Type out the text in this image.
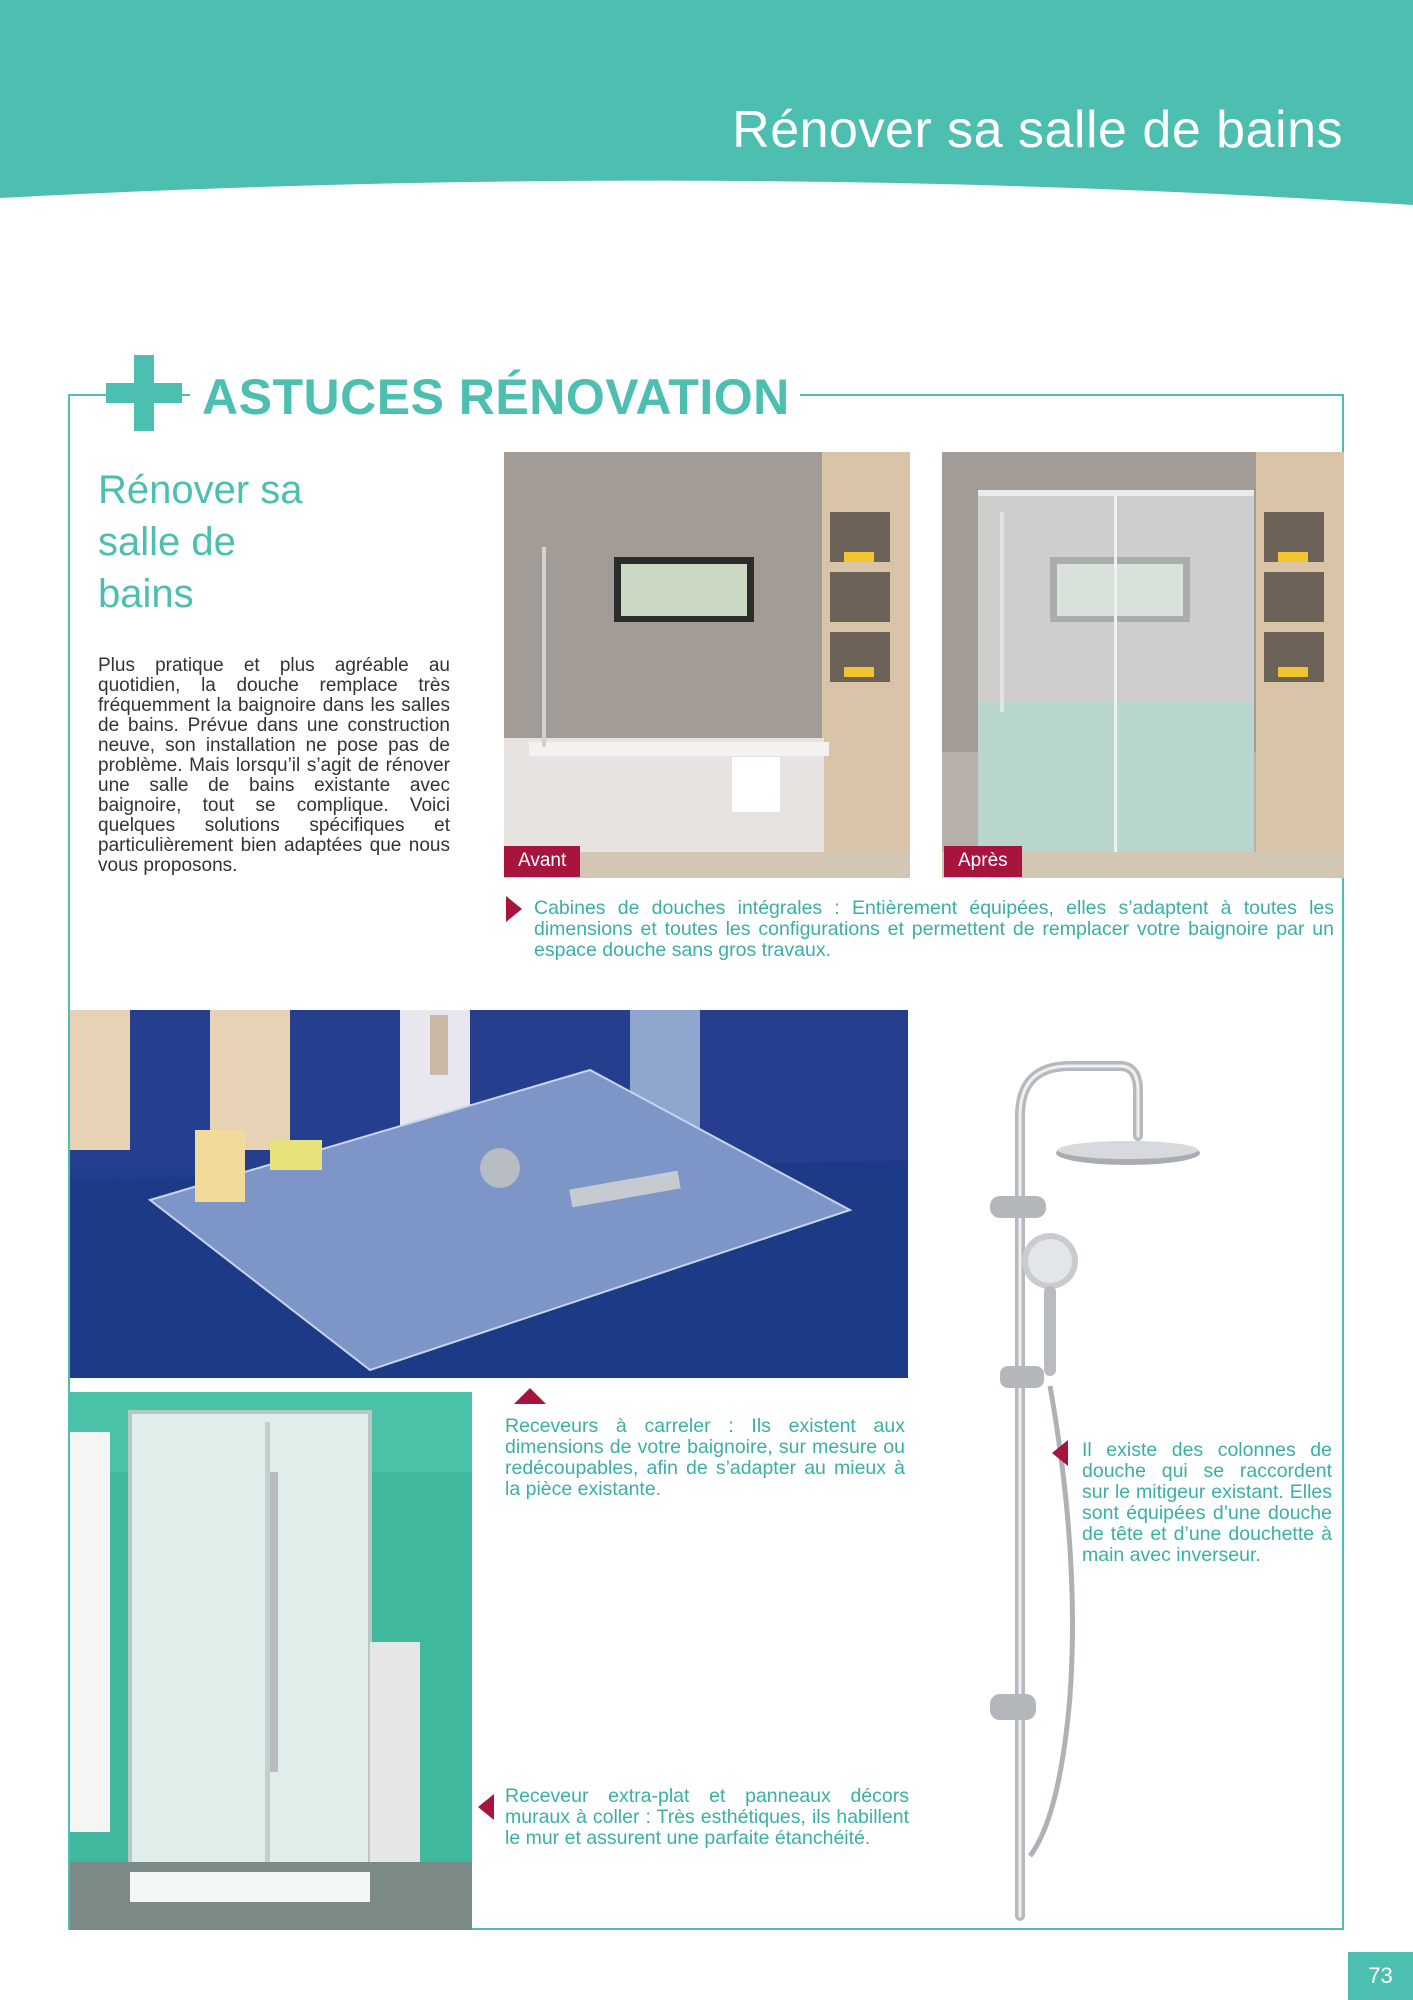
Rénover sa salle de bains
ASTUCES RÉNOVATION
Rénover sa salle de bains

Plus pratique et plus agréable au quotidien, la douche remplace très fréquemment la baignoire dans les salles de bains. Prévue dans une construction neuve, son installation ne pose pas de problème. Mais lorsqu’il s’agit de rénover une salle de bains existante avec baignoire, tout se complique. Voici quelques solutions spécifiques et particulièrement bien adaptées que nous vous proposons.	Avant	Après

Cabines de douches intégrales : Entièrement équipées, elles s’adaptent à toutes les dimensions et toutes les configurations et permettent de remplacer votre baignoire par un espace douche sans gros travaux.

Receveurs à carreler : Ils existent aux dimensions de votre baignoire, sur mesure ou redécoupables, afin de s’adapter au mieux à la pièce existante.

Receveur extra-plat et panneaux décors muraux à coller : Très esthétiques, ils habillent le mur et assurent une parfaite étanchéité.

Il existe des colonnes de douche qui se raccordent sur le mitigeur existant. Elles sont équipées d’une douche de tête et d’une douchette à main avec inverseur.

73
